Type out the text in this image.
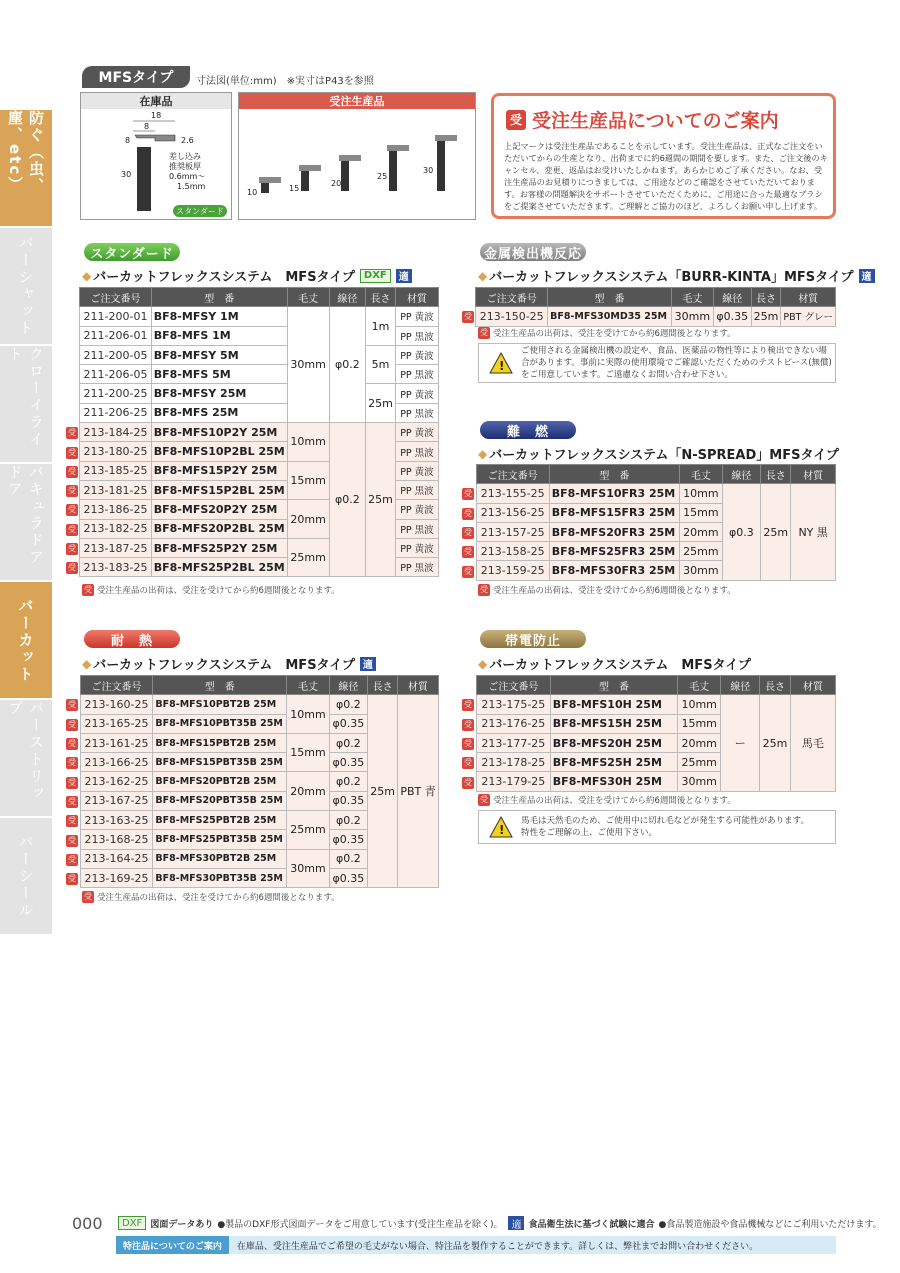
防ぐ（虫、塵、etc）
バーシャット
クローイライト
バキュラドアドア
バーカット
バーストリップ
バーシール
MFSタイプ	寸法図(単位:mm)　※実寸はP43を参照
在庫品
18
8
2.6
8
30
差し込み
推奨板厚
0.6mm〜
1.5mm
スタンダード
受注生産品
10	15
20
25
30
受 受注生産品についてのご案内
上記マークは受注生産品であることを示しています。受注生産品は、正式なご注文をいただいてからの生産となり、出荷までに約6週間の期間を要します。また、ご注文後のキャンセル、変更、返品はお受けいたしかねます。あらかじめご了承ください。なお、受注生産品のお見積りにつきましては、ご用途などのご確認をさせていただいております。お客様の問題解決をサポートさせていただくために、ご用途に合った最適なブラシをご提案させていただきます。ご理解とご協力のほど、よろしくお願い申し上げます。
スタンダード
◆ バーカットフレックスシステム　MFSタイプ DXF	適
	ご注文番号	型　番	毛丈	線径	長さ	材質
	211-200-01	BF8-MFSY 1M	30mm	φ0.2	1m	PP 黄波
	211-206-01	BF8-MFS 1M				PP 黒波
	211-200-05	BF8-MFSY 5M			5m	PP 黄波
	211-206-05	BF8-MFS 5M				PP 黒波
	211-200-25	BF8-MFSY 25M			25m	PP 黄波
	211-206-25	BF8-MFS 25M				PP 黒波
受	213-184-25	BF8-MFS10P2Y 25M	10mm	φ0.2	25m	PP 黄波
受	213-180-25	BF8-MFS10P2BL 25M				PP 黒波
受	213-185-25	BF8-MFS15P2Y 25M	15mm			PP 黄波
受	213-181-25	BF8-MFS15P2BL 25M				PP 黒波
受	213-186-25	BF8-MFS20P2Y 25M	20mm			PP 黄波
受	213-182-25	BF8-MFS20P2BL 25M				PP 黒波
受	213-187-25	BF8-MFS25P2Y 25M	25mm			PP 黄波
受	213-183-25	BF8-MFS25P2BL 25M				PP 黒波
受 受注生産品の出荷は、受注を受けてから約6週間後となります。
耐　熱
◆ バーカットフレックスシステム　MFSタイプ 適
	ご注文番号	型　番	毛丈	線径	長さ	材質
受	213-160-25	BF8-MFS10PBT2B 25M	10mm	φ0.2	25m	PBT 青
受	213-165-25	BF8-MFS10PBT35B 25M		φ0.35		
受	213-161-25	BF8-MFS15PBT2B 25M	15mm	φ0.2		
受	213-166-25	BF8-MFS15PBT35B 25M		φ0.35		
受	213-162-25	BF8-MFS20PBT2B 25M	20mm	φ0.2		
受	213-167-25	BF8-MFS20PBT35B 25M		φ0.35		
受	213-163-25	BF8-MFS25PBT2B 25M	25mm	φ0.2		
受	213-168-25	BF8-MFS25PBT35B 25M		φ0.35		
受	213-164-25	BF8-MFS30PBT2B 25M	30mm	φ0.2		
受	213-169-25	BF8-MFS30PBT35B 25M		φ0.35		
受 受注生産品の出荷は、受注を受けてから約6週間後となります。
金属検出機反応
◆ バーカットフレックスシステム「BURR-KINTA」MFSタイプ 適
	ご注文番号	型　番	毛丈	線径	長さ	材質
受	213-150-25	BF8-MFS30MD35 25M	30mm	φ0.35	25m	PBT グレー
受 受注生産品の出荷は、受注を受けてから約6週間後となります。
!
ご使用される金属検出機の設定や、食品、医薬品の物性等により検出できない場合があります。事前に実際の使用環境でご確認いただくためのテストピース(無償)をご用意しています。ご遠慮なくお問い合わせ下さい。
難　燃
◆ バーカットフレックスシステム「N-SPREAD」MFSタイプ
	ご注文番号	型　番	毛丈	線径	長さ	材質
受	213-155-25	BF8-MFS10FR3 25M	10mm	φ0.3	25m	NY 黒
受	213-156-25	BF8-MFS15FR3 25M	15mm			
受	213-157-25	BF8-MFS20FR3 25M	20mm			
受	213-158-25	BF8-MFS25FR3 25M	25mm			
受	213-159-25	BF8-MFS30FR3 25M	30mm			
受 受注生産品の出荷は、受注を受けてから約6週間後となります。
帯電防止
◆ バーカットフレックスシステム　MFSタイプ
	ご注文番号	型　番	毛丈	線径	長さ	材質
受	213-175-25	BF8-MFS10H 25M	10mm	ー	25m	馬毛
受	213-176-25	BF8-MFS15H 25M	15mm			
受	213-177-25	BF8-MFS20H 25M	20mm			
受	213-178-25	BF8-MFS25H 25M	25mm			
受	213-179-25	BF8-MFS30H 25M	30mm			
受 受注生産品の出荷は、受注を受けてから約6週間後となります。
!
馬毛は天然毛のため、ご使用中に切れ毛などが発生する可能性があります。
特性をご理解の上、ご使用下さい。
000	DXF 図面データあり ●製品のDXF形式図面データをご用意しています(受注生産品を除く)。 適 食品衛生法に基づく試験に適合 ●食品製造施設や食品機械などにご利用いただけます。
特注品についてのご案内	在庫品、受注生産品でご希望の毛丈がない場合、特注品を製作することができます。詳しくは、弊社までお問い合わせください。
